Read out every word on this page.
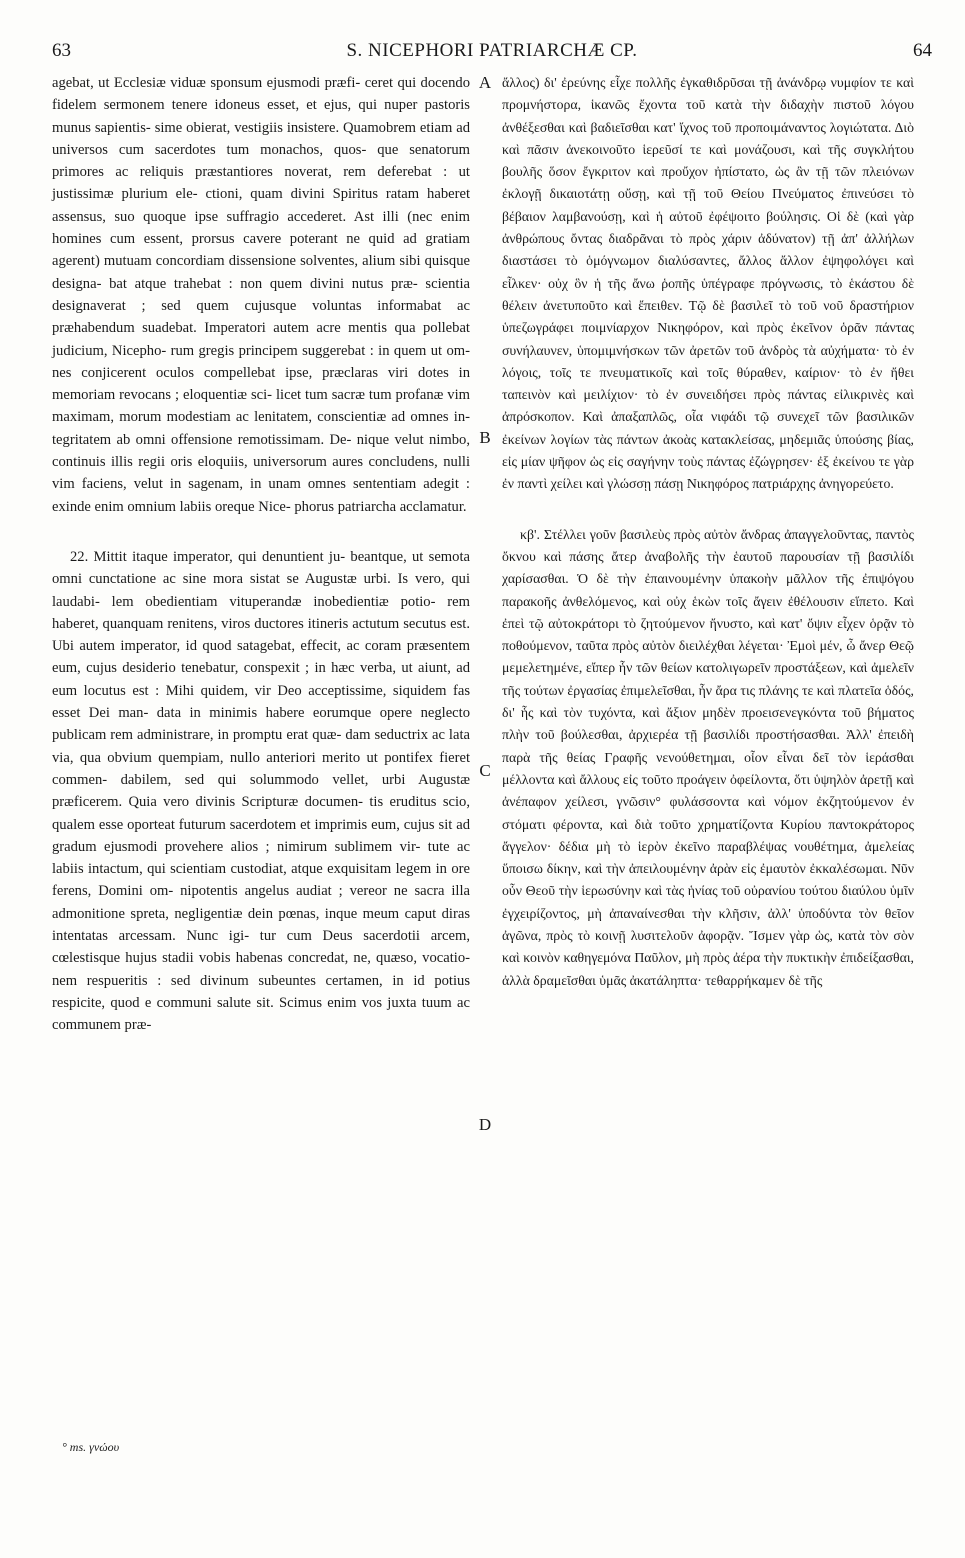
63	S. NICEPHORI PATRIARCHÆ CP.	64

agebat, ut Ecclesiæ viduæ sponsum ejusmodi præfi- ceret qui docendo fidelem sermonem tenere idoneus esset, et ejus, qui nuper pastoris munus sapientis- sime obierat, vestigiis insistere. Quamobrem etiam ad universos cum sacerdotes tum monachos, quos- que senatorum primores ac reliquis præstantiores noverat, rem deferebat : ut justissimæ plurium ele- ctioni, quam divini Spiritus ratam haberet assensus, suo quoque ipse suffragio accederet. Ast illi (nec enim homines cum essent, prorsus cavere poterant ne quid ad gratiam agerent) mutuam concordiam dissensione solventes, alium sibi quisque designa- bat atque trahebat : non quem divini nutus præ- scientia designaverat ; sed quem cujusque voluntas informabat ac præhabendum suadebat. Imperatori autem acre mentis qua pollebat judicium, Nicepho- rum gregis principem suggerebat : in quem ut om- nes conjicerent oculos compellebat ipse, præclaras viri dotes in memoriam revocans ; eloquentiæ sci- licet tum sacræ tum profanæ vim maximam, morum modestiam ac lenitatem, conscientiæ ad omnes in- tegritatem ab omni offensione remotissimam. De- nique velut nimbo, continuis illis regii oris eloquiis, universorum aures concludens, nulli vim faciens, velut in sagenam, in unam omnes sententiam adegit : exinde enim omnium labiis oreque Nice- phorus patriarcha acclamatur.

22. Mittit itaque imperator, qui denuntient ju- beantque, ut semota omni cunctatione ac sine mora sistat se Augustæ urbi. Is vero, qui laudabi- lem obedientiam vituperandæ inobedientiæ potio- rem haberet, quanquam renitens, viros ductores itineris actutum secutus est. Ubi autem imperator, id quod satagebat, effecit, ac coram præsentem eum, cujus desiderio tenebatur, conspexit ; in hæc verba, ut aiunt, ad eum locutus est : Mihi quidem, vir Deo acceptissime, siquidem fas esset Dei man- data in minimis habere eorumque opere neglecto publicam rem administrare, in promptu erat quæ- dam seductrix ac lata via, qua obvium quempiam, nullo anteriori merito ut pontifex fieret commen- dabilem, sed qui solummodo vellet, urbi Augustæ præficerem. Quia vero divinis Scripturæ documen- tis eruditus scio, qualem esse oporteat futurum sacerdotem et imprimis eum, cujus sit ad gradum ejusmodi provehere alios ; nimirum sublimem vir- tute ac labiis intactum, qui scientiam custodiat, atque exquisitam legem in ore ferens, Domini om- nipotentis angelus audiat ; vereor ne sacra illa admonitione spreta, negligentiæ dein pœnas, inque meum caput diras intentatas arcessam. Nunc igi- tur cum Deus sacerdotii arcem, cœlestisque hujus stadii vobis habenas concredat, ne, quæso, vocatio- nem respueritis : sed divinum subeuntes certamen, in id potius respicite, quod e communi salute sit. Scimus enim vos juxta tuum ac communem præ-

A
B
C
D

ἄλλος) δι' ἐρεύνης εἶχε πολλῆς ἐγκαθιδρῦσαι τῇ ἀνάνδρῳ νυμφίον τε καὶ προμνήστορα, ἱκανῶς ἔχοντα τοῦ κατὰ τὴν διδαχὴν πιστοῦ λόγου ἀνθέξεσθαι καὶ βαδιεῖσθαι κατ' ἴχνος τοῦ προποιμάναντος λογιώτατα. Διὸ καὶ πᾶσιν ἀνεκοινοῦτο ἱερεῦσί τε καὶ μονάζουσι, καὶ τῆς συγκλήτου βουλῆς ὅσον ἔγκριτον καὶ προὔχον ἠπίστατο, ὡς ἂν τῇ τῶν πλειόνων ἐκλογῇ δικαιοτάτῃ οὔσῃ, καὶ τῇ τοῦ Θείου Πνεύματος ἐπινεύσει τὸ βέβαιον λαμβανούσῃ, καὶ ἡ αὐτοῦ ἐφέψοιτο βούλησις. Οἱ δὲ (καὶ γὰρ ἀνθρώπους ὄντας διαδρᾶναι τὸ πρὸς χάριν ἀδύνατον) τῇ ἀπ' ἀλλήλων διαστάσει τὸ ὁμόγνωμον διαλύσαντες, ἄλλος ἄλλον ἐψηφολόγει καὶ εἷλκεν· οὐχ ὃν ἡ τῆς ἄνω ῥοπῆς ὑπέγραφε πρόγνωσις, τὸ ἑκάστου δὲ θέλειν ἀνετυποῦτο καὶ ἔπειθεν. Τῷ δὲ βασιλεῖ τὸ τοῦ νοῦ δραστήριον ὑπεζωγράφει ποιμνίαρχον Νικηφόρον, καὶ πρὸς ἐκεῖνον ὁρᾶν πάντας συνήλαυνεν, ὑπομιμνήσκων τῶν ἀρετῶν τοῦ ἀνδρὸς τὰ αὐχήματα· τὸ ἐν λόγοις, τοῖς τε πνευματικοῖς καὶ τοῖς θύραθεν, καίριον· τὸ ἐν ἤθει ταπεινὸν καὶ μειλίχιον· τὸ ἐν συνειδήσει πρὸς πάντας εἰλικρινὲς καὶ ἀπρόσκοπον. Καὶ ἀπαξαπλῶς, οἷα νιφάδι τῷ συνεχεῖ τῶν βασιλικῶν ἐκείνων λογίων τὰς πάντων ἀκοὰς κατακλείσας, μηδεμιᾶς ὑπούσης βίας, εἰς μίαν ψῆφον ὡς εἰς σαγήνην τοὺς πάντας ἐζώγρησεν· ἐξ ἐκείνου τε γὰρ ἐν παντὶ χείλει καὶ γλώσσῃ πάσῃ Νικηφόρος πατριάρχης ἀνηγορεύετο.

κβ'. Στέλλει γοῦν βασιλεὺς πρὸς αὐτὸν ἄνδρας ἀπαγγελοῦντας, παντὸς ὄκνου καὶ πάσης ἄτερ ἀναβολῆς τὴν ἑαυτοῦ παρουσίαν τῇ βασιλίδι χαρίσασθαι. Ὁ δὲ τὴν ἐπαινουμένην ὑπακοὴν μᾶλλον τῆς ἐπιψόγου παρακοῆς ἀνθελόμενος, καὶ οὐχ ἑκὼν τοῖς ἄγειν ἐθέλουσιν εἵπετο. Καὶ ἐπεὶ τῷ αὐτοκράτορι τὸ ζητούμενον ἤνυστο, καὶ κατ' ὄψιν εἶχεν ὁρᾷν τὸ ποθούμενον, ταῦτα πρὸς αὐτὸν διειλέχθαι λέγεται· Ἐμοὶ μέν, ὦ ἄνερ Θεῷ μεμελετημένε, εἴπερ ἦν τῶν θείων κατολιγωρεῖν προστάξεων, καὶ ἀμελεῖν τῆς τούτων ἐργασίας ἐπιμελεῖσθαι, ἦν ἄρα τις πλάνης τε καὶ πλατεῖα ὁδός, δι' ἧς καὶ τὸν τυχόντα, καὶ ἄξιον μηδὲν προεισενεγκόντα τοῦ βήματος πλὴν τοῦ βούλεσθαι, ἀρχιερέα τῇ βασιλίδι προστήσασθαι. Ἀλλ' ἐπειδὴ παρὰ τῆς θείας Γραφῆς νενούθετημαι, οἷον εἶναι δεῖ τὸν ἱεράσθαι μέλλοντα καὶ ἄλλους εἰς τοῦτο προάγειν ὀφείλοντα, ὅτι ὑψηλὸν ἀρετῇ καὶ ἀνέπαφον χείλεσι, γνῶσιν° φυλάσσοντα καὶ νόμον ἐκζητούμενον ἐν στόματι φέροντα, καὶ διὰ τοῦτο χρηματίζοντα Κυρίου παντοκράτορος ἄγγελον· δέδια μὴ τὸ ἱερὸν ἐκεῖνο παραβλέψας νουθέτημα, ἀμελείας ὕποισω δίκην, καὶ τὴν ἀπειλουμένην ἀρὰν εἰς ἐμαυτὸν ἐκκαλέσωμαι. Νῦν οὖν Θεοῦ τὴν ἱερωσύνην καὶ τὰς ἡνίας τοῦ οὐρανίου τούτου διαύλου ὑμῖν ἐγχειρίζοντος, μὴ ἀπαναίνεσθαι τὴν κλῆσιν, ἀλλ' ὑποδύντα τὸν θεῖον ἀγῶνα, πρὸς τὸ κοινῇ λυσιτελοῦν ἀφορᾷν. Ἴσμεν γὰρ ὡς, κατὰ τὸν σὸν καὶ κοινὸν καθηγεμόνα Παῦλον, μὴ πρὸς ἀέρα τὴν πυκτικὴν ἐπιδείξασθαι, ἀλλὰ δραμεῖσθαι ὑμᾶς ἀκατάληπτα· τεθαρρήκαμεν δὲ τῆς

° ms. γνώου
